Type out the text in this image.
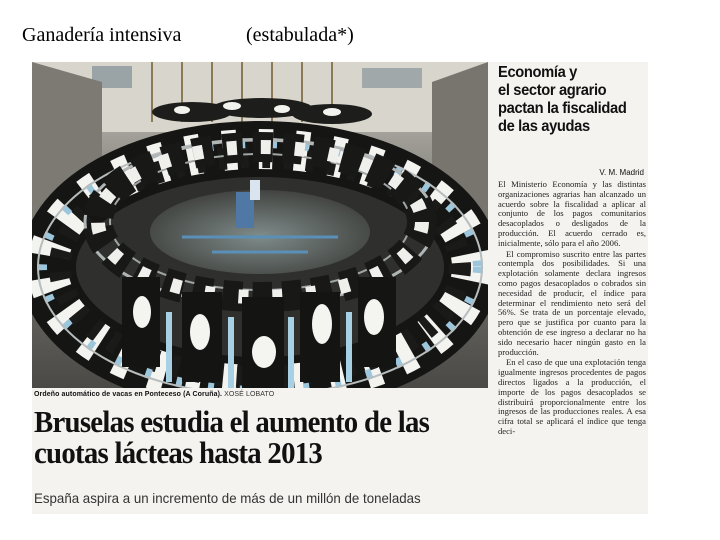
Ganadería intensiva	(estabulada*)
Ordeño automático de vacas en Ponteceso (A Coruña). XOSÉ LOBATO
Bruselas estudia el aumento de las
cuotas lácteas hasta 2013
España aspira a un incremento de más de un millón de toneladas
Economía y
el sector agrario
pactan la fiscalidad
de las ayudas
V. M. Madrid

El Ministerio Economía y las distintas organizaciones agrarias han alcanzado un acuerdo sobre la fiscalidad a aplicar al conjunto de los pagos comunitarios desacoplados o desligados de la producción. El acuerdo cerrado es, inicialmente, sólo para el año 2006.

El compromiso suscrito entre las partes contempla dos posibilidades. Si una explotación solamente declara ingresos como pagos desacoplados o cobrados sin necesidad de producir, el índice para determinar el rendimiento neto será del 56%. Se trata de un porcentaje elevado, pero que se justifica por cuanto para la obtención de ese ingreso a declarar no ha sido necesario hacer ningún gasto en la producción.

En el caso de que una explotación tenga igualmente ingresos procedentes de pagos directos ligados a la producción, el importe de los pagos desacoplados se distribuirá proporcionalmente entre los ingresos de las producciones reales. A esa cifra total se aplicará el índice que tenga deci-
